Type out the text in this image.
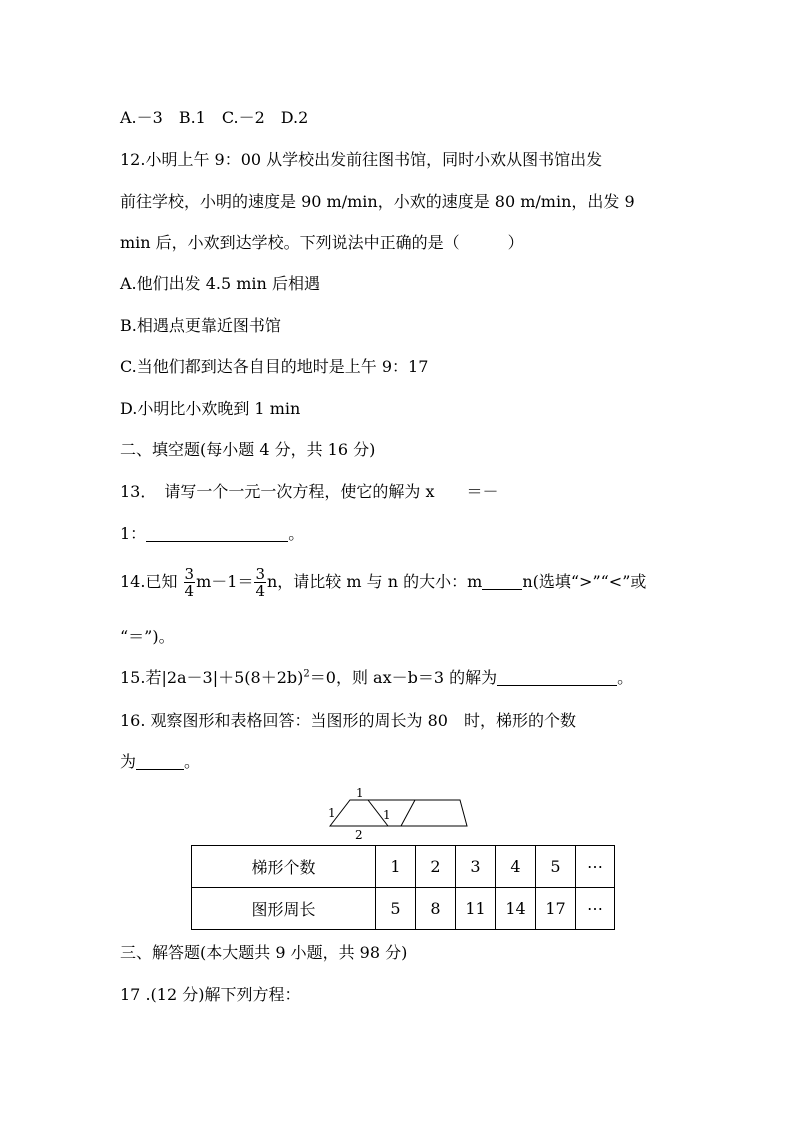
A.－3　B.1　C.－2　D.2
12.小明上午 9：00 从学校出发前往图书馆，同时小欢从图书馆出发
前往学校，小明的速度是 90 m/min，小欢的速度是 80 m/min，出发 9
min 后，小欢到达学校。下列说法中正确的是（　　　）
A.他们出发 4.5 min 后相遇
B.相遇点更靠近图书馆
C.当他们都到达各自目的地时是上午 9：17
D.小明比小欢晚到 1 min
二、填空题(每小题 4 分，共 16 分)
13．　请写一个一元一次方程，使它的解为 x　　＝－
1：	。
14.已知 $\frac{3}{4} m-1= \frac{3}{4}$ n，请比较 m 与 n 的大小：m	n(选填“>”“<”或
“＝”)。
15.若$|2a-3|+5(8+2b)^2=0$，则 ax－b＝3 的解为	。
16. 观察图形和表格回答：当图形的周长为 80　时，梯形的个数
为	。
1
1	1
2
梯形个数	1	2	3	4	5	⋯
图形周长	5	8	11	14	17	⋯
三、解答题(本大题共 9 小题，共 98 分)
17 .(12 分)解下列方程：
